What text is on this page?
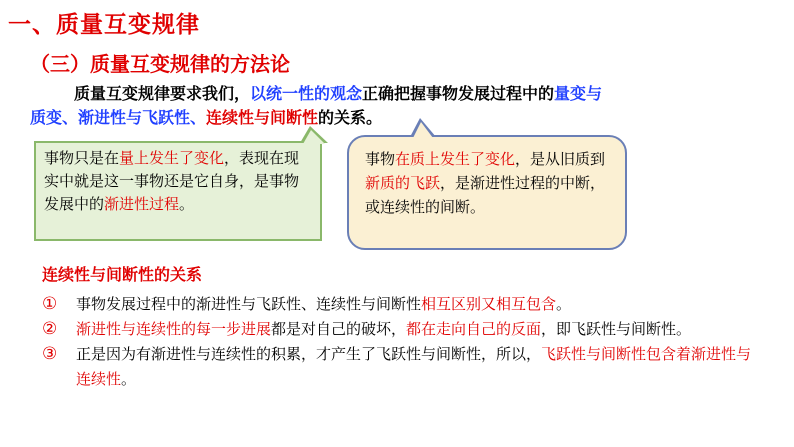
一、质量互变规律
（三）质量互变规律的方法论
质量互变规律要求我们，以统一性的观念正确把握事物发展过程中的量变与
质变、渐进性与飞跃性、连续性与间断性的关系。
事物只是在量上发生了变化，表现在现实中就是这一事物还是它自身，是事物发展中的渐进性过程。
事物在质上发生了变化，是从旧质到新质的飞跃，是渐进性过程的中断，或连续性的间断。
连续性与间断性的关系
① 事物发展过程中的渐进性与飞跃性、连续性与间断性相互区别又相互包含。
② 渐进性与连续性的每一步进展都是对自己的破坏，都在走向自己的反面，即飞跃性与间断性。
③ 正是因为有渐进性与连续性的积累，才产生了飞跃性与间断性，所以，飞跃性与间断性包含着渐进性与连续性。
